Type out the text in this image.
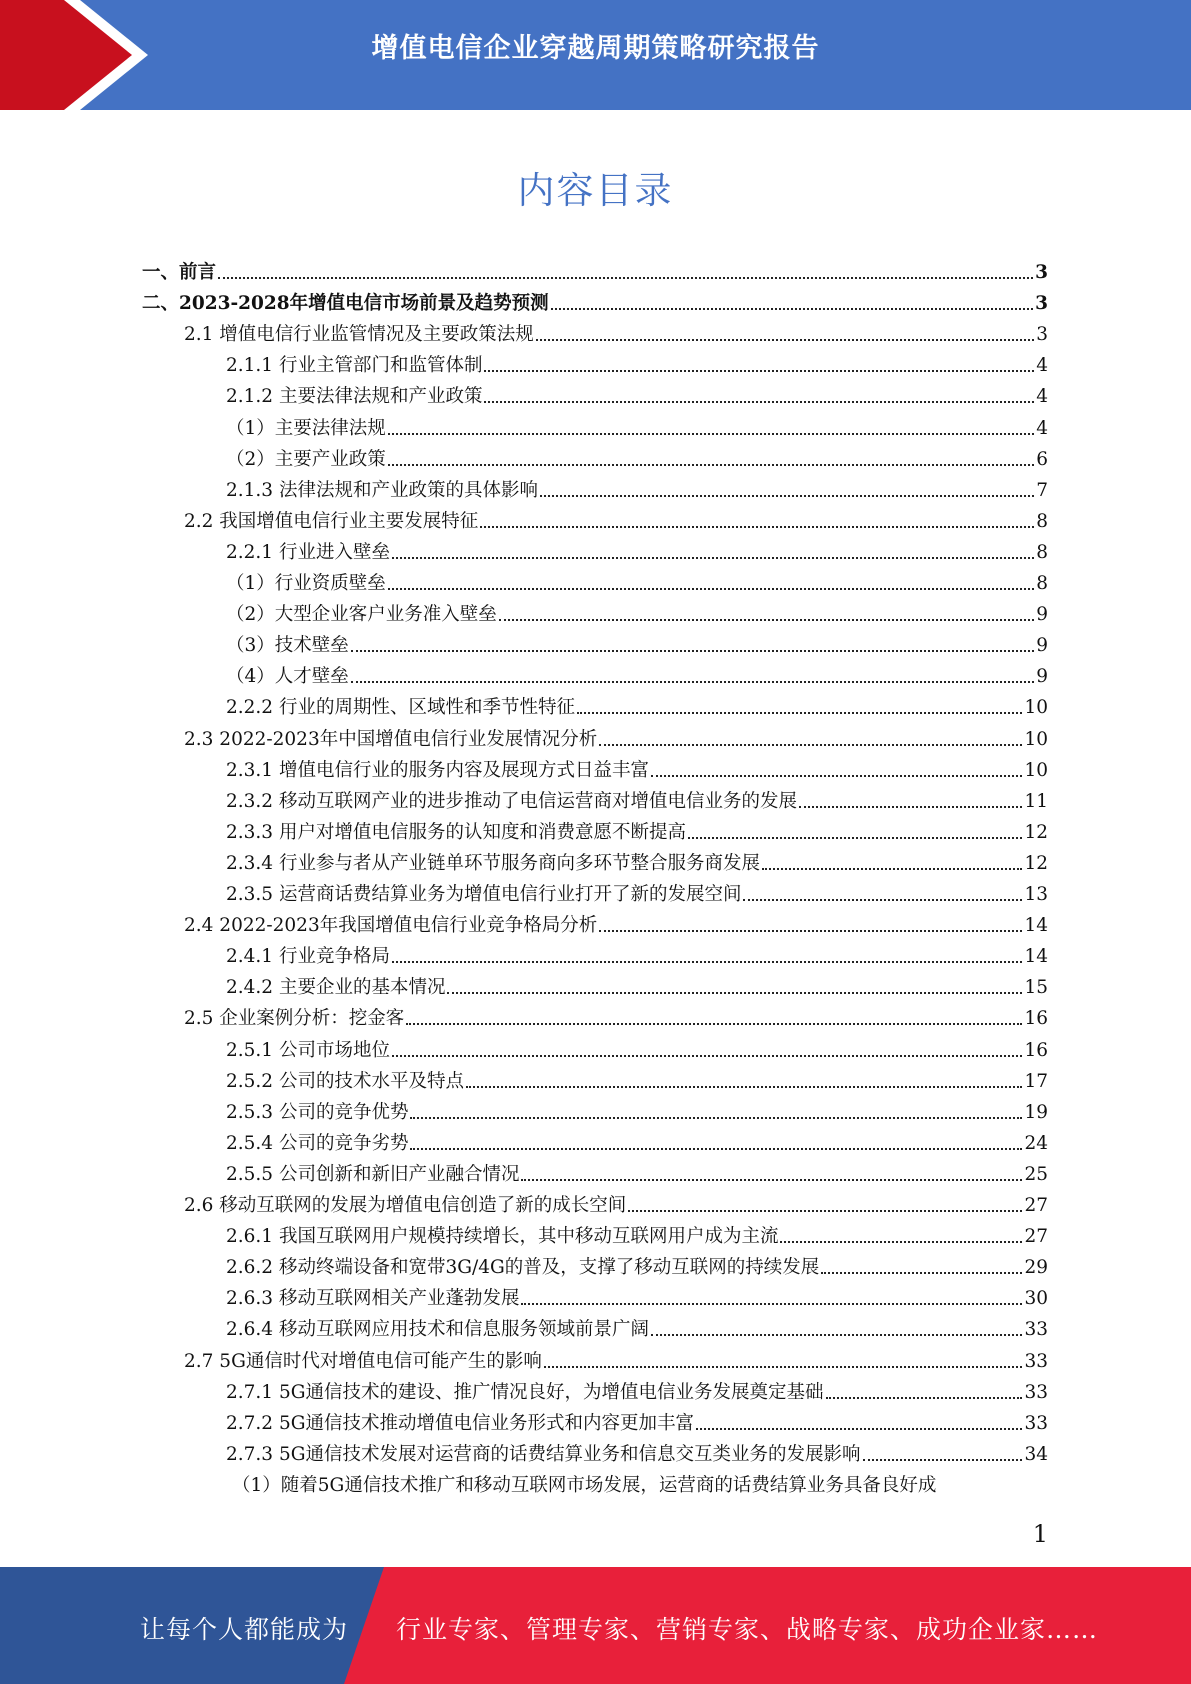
增值电信企业穿越周期策略研究报告
内容目录
一、前言	3
二、2023-2028年增值电信市场前景及趋势预测	3
2.1 增值电信行业监管情况及主要政策法规	3
2.1.1 行业主管部门和监管体制	4
2.1.2 主要法律法规和产业政策	4
（1）主要法律法规	4
（2）主要产业政策	6
2.1.3 法律法规和产业政策的具体影响	7
2.2 我国增值电信行业主要发展特征	8
2.2.1 行业进入壁垒	8
（1）行业资质壁垒	8
（2）大型企业客户业务准入壁垒	9
（3）技术壁垒	9
（4）人才壁垒	9
2.2.2 行业的周期性、区域性和季节性特征	10
2.3 2022-2023年中国增值电信行业发展情况分析	10
2.3.1 增值电信行业的服务内容及展现方式日益丰富	10
2.3.2 移动互联网产业的进步推动了电信运营商对增值电信业务的发展	11
2.3.3 用户对增值电信服务的认知度和消费意愿不断提高	12
2.3.4 行业参与者从产业链单环节服务商向多环节整合服务商发展	12
2.3.5 运营商话费结算业务为增值电信行业打开了新的发展空间	13
2.4 2022-2023年我国增值电信行业竞争格局分析	14
2.4.1 行业竞争格局	14
2.4.2 主要企业的基本情况	15
2.5 企业案例分析：挖金客	16
2.5.1 公司市场地位	16
2.5.2 公司的技术水平及特点	17
2.5.3 公司的竞争优势	19
2.5.4 公司的竞争劣势	24
2.5.5 公司创新和新旧产业融合情况	25
2.6 移动互联网的发展为增值电信创造了新的成长空间	27
2.6.1 我国互联网用户规模持续增长，其中移动互联网用户成为主流	27
2.6.2 移动终端设备和宽带3G/4G的普及，支撑了移动互联网的持续发展	29
2.6.3 移动互联网相关产业蓬勃发展	30
2.6.4 移动互联网应用技术和信息服务领域前景广阔	33
2.7 5G通信时代对增值电信可能产生的影响	33
2.7.1 5G通信技术的建设、推广情况良好，为增值电信业务发展奠定基础	33
2.7.2 5G通信技术推动增值电信业务形式和内容更加丰富	33
2.7.3 5G通信技术发展对运营商的话费结算业务和信息交互类业务的发展影响	34
（1）随着5G通信技术推广和移动互联网市场发展，运营商的话费结算业务具备良好成
1
让每个人都能成为 行业专家、管理专家、营销专家、战略专家、成功企业家……
